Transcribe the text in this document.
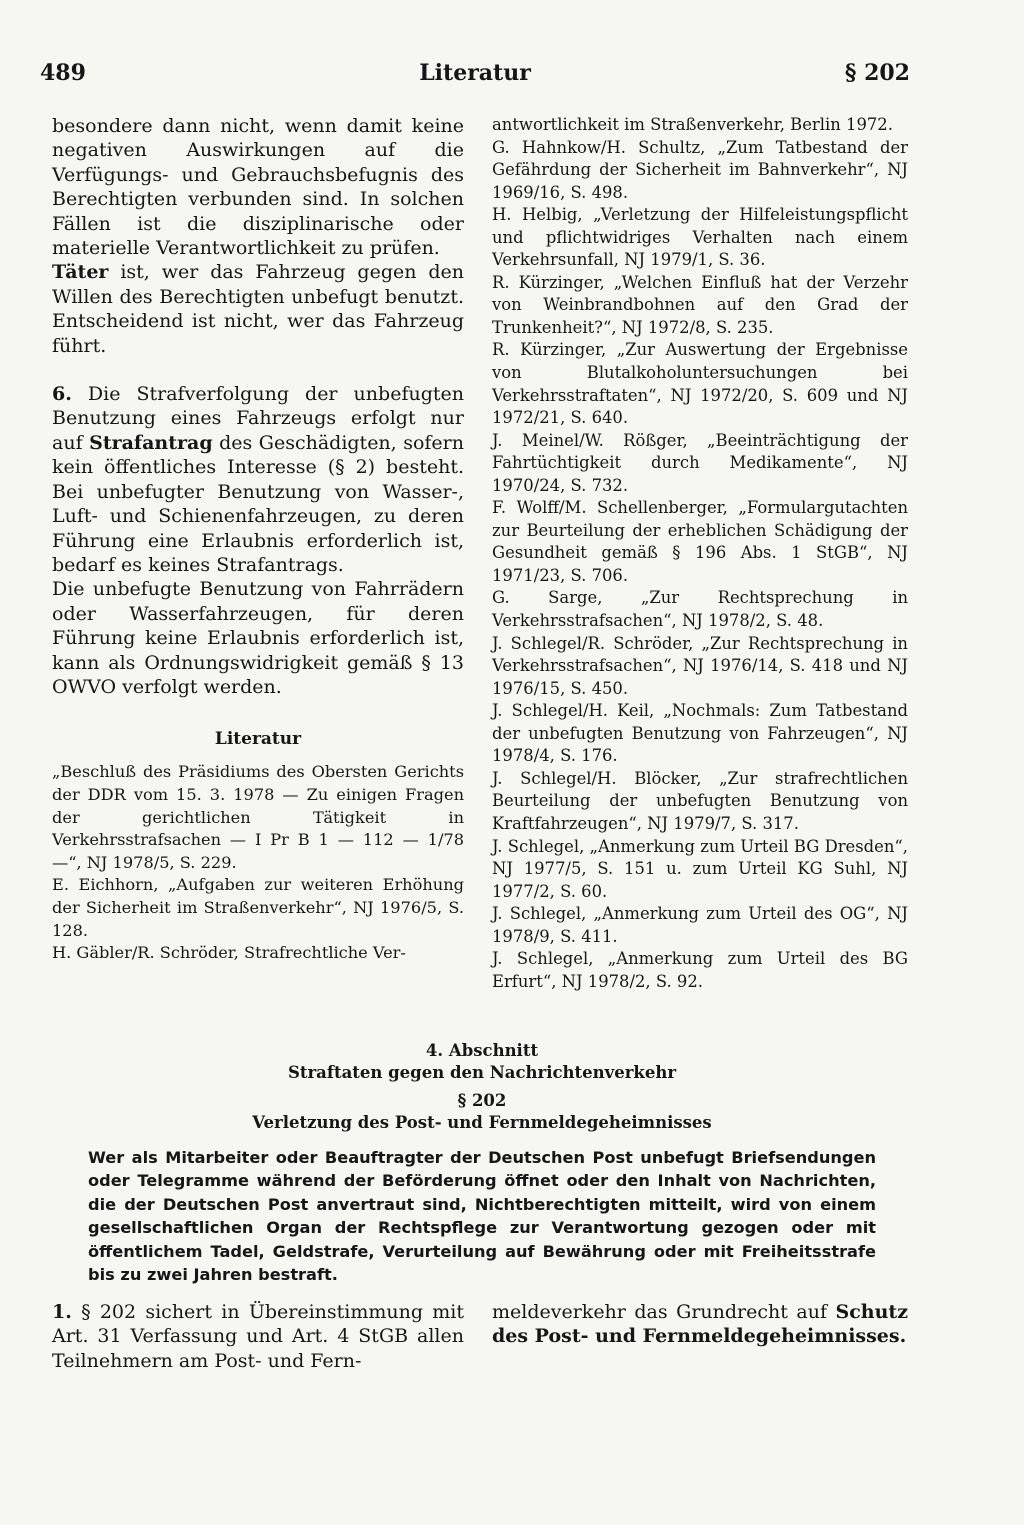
489	Literatur	§ 202

besondere dann nicht, wenn damit keine negativen Auswirkungen auf die Verfügungs- und Gebrauchsbefugnis des Berechtigten verbunden sind. In solchen Fällen ist die disziplinarische oder materielle Verantwortlichkeit zu prüfen.

Täter ist, wer das Fahrzeug gegen den Willen des Berechtigten unbefugt benutzt. Entscheidend ist nicht, wer das Fahrzeug führt.

6. Die Strafverfolgung der unbefugten Benutzung eines Fahrzeugs erfolgt nur auf Strafantrag des Geschädigten, sofern kein öffentliches Interesse (§ 2) besteht. Bei unbefugter Benutzung von Wasser-, Luft- und Schienenfahrzeugen, zu deren Führung eine Erlaubnis erforderlich ist, bedarf es keines Strafantrags.

Die unbefugte Benutzung von Fahrrädern oder Wasserfahrzeugen, für deren Führung keine Erlaubnis erforderlich ist, kann als Ordnungswidrigkeit gemäß § 13 OWVO verfolgt werden.

Literatur

„Beschluß des Präsidiums des Obersten Gerichts der DDR vom 15. 3. 1978 — Zu einigen Fragen der gerichtlichen Tätigkeit in Verkehrsstrafsachen — I Pr B 1 — 112 — 1/78 —“, NJ 1978/5, S. 229.

E. Eichhorn, „Aufgaben zur weiteren Erhöhung der Sicherheit im Straßenverkehr“, NJ 1976/5, S. 128.

H. Gäbler/R. Schröder, Strafrechtliche Ver-

antwortlichkeit im Straßenverkehr, Berlin 1972.

G. Hahnkow/H. Schultz, „Zum Tatbestand der Gefährdung der Sicherheit im Bahnverkehr“, NJ 1969/16, S. 498.

H. Helbig, „Verletzung der Hilfeleistungspflicht und pflichtwidriges Verhalten nach einem Verkehrsunfall, NJ 1979/1, S. 36.

R. Kürzinger, „Welchen Einfluß hat der Verzehr von Weinbrandbohnen auf den Grad der Trunkenheit?“, NJ 1972/8, S. 235.

R. Kürzinger, „Zur Auswertung der Ergebnisse von Blutalkoholuntersuchungen bei Verkehrsstraftaten“, NJ 1972/20, S. 609 und NJ 1972/21, S. 640.

J. Meinel/W. Rößger, „Beeinträchtigung der Fahrtüchtigkeit durch Medikamente“, NJ 1970/24, S. 732.

F. Wolff/M. Schellenberger, „Formulargutachten zur Beurteilung der erheblichen Schädigung der Gesundheit gemäß § 196 Abs. 1 StGB“, NJ 1971/23, S. 706.

G. Sarge, „Zur Rechtsprechung in Verkehrsstrafsachen“, NJ 1978/2, S. 48.

J. Schlegel/R. Schröder, „Zur Rechtsprechung in Verkehrsstrafsachen“, NJ 1976/14, S. 418 und NJ 1976/15, S. 450.

J. Schlegel/H. Keil, „Nochmals: Zum Tatbestand der unbefugten Benutzung von Fahrzeugen“, NJ 1978/4, S. 176.

J. Schlegel/H. Blöcker, „Zur strafrechtlichen Beurteilung der unbefugten Benutzung von Kraftfahrzeugen“, NJ 1979/7, S. 317.

J. Schlegel, „Anmerkung zum Urteil BG Dresden“, NJ 1977/5, S. 151 u. zum Urteil KG Suhl, NJ 1977/2, S. 60.

J. Schlegel, „Anmerkung zum Urteil des OG“, NJ 1978/9, S. 411.

J. Schlegel, „Anmerkung zum Urteil des BG Erfurt“, NJ 1978/2, S. 92.

4. Abschnitt

Straftaten gegen den Nachrichtenverkehr

§ 202

Verletzung des Post- und Fernmeldegeheimnisses

Wer als Mitarbeiter oder Beauftragter der Deutschen Post unbefugt Briefsendungen oder Telegramme während der Beförderung öffnet oder den Inhalt von Nachrichten, die der Deutschen Post anvertraut sind, Nichtberechtigten mitteilt, wird von einem gesellschaftlichen Organ der Rechtspflege zur Verantwortung gezogen oder mit öffentlichem Tadel, Geldstrafe, Verurteilung auf Bewährung oder mit Freiheitsstrafe bis zu zwei Jahren bestraft.

1. § 202 sichert in Übereinstimmung mit Art. 31 Verfassung und Art. 4 StGB allen Teilnehmern am Post- und Fern-

meldeverkehr das Grundrecht auf Schutz des Post- und Fernmeldegeheimnisses.
